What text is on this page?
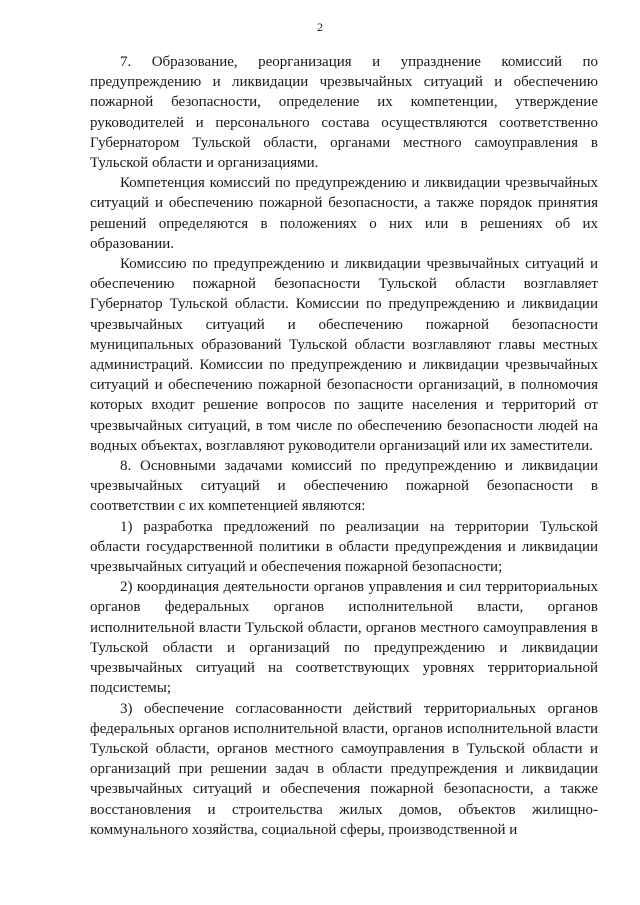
2

7. Образование, реорганизация и упразднение комиссий по предупреждению и ликвидации чрезвычайных ситуаций и обеспечению пожарной безопасности, определение их компетенции, утверждение руководителей и персонального состава осуществляются соответственно Губернатором Тульской области, органами местного самоуправления в Тульской области и организациями.

Компетенция комиссий по предупреждению и ликвидации чрезвычайных ситуаций и обеспечению пожарной безопасности, а также порядок принятия решений определяются в положениях о них или в решениях об их образовании.

Комиссию по предупреждению и ликвидации чрезвычайных ситуаций и обеспечению пожарной безопасности Тульской области возглавляет Губернатор Тульской области. Комиссии по предупреждению и ликвидации чрезвычайных ситуаций и обеспечению пожарной безопасности муниципальных образований Тульской области возглавляют главы местных администраций. Комиссии по предупреждению и ликвидации чрезвычайных ситуаций и обеспечению пожарной безопасности организаций, в полномочия которых входит решение вопросов по защите населения и территорий от чрезвычайных ситуаций, в том числе по обеспечению безопасности людей на водных объектах, возглавляют руководители организаций или их заместители.

8. Основными задачами комиссий по предупреждению и ликвидации чрезвычайных ситуаций и обеспечению пожарной безопасности в соответствии с их компетенцией являются:

1) разработка предложений по реализации на территории Тульской области государственной политики в области предупреждения и ликвидации чрезвычайных ситуаций и обеспечения пожарной безопасности;

2) координация деятельности органов управления и сил территориальных органов федеральных органов исполнительной власти, органов исполнительной власти Тульской области, органов местного самоуправления в Тульской области и организаций по предупреждению и ликвидации чрезвычайных ситуаций на соответствующих уровнях территориальной подсистемы;

3) обеспечение согласованности действий территориальных органов федеральных органов исполнительной власти, органов исполнительной власти Тульской области, органов местного самоуправления в Тульской области и организаций при решении задач в области предупреждения и ликвидации чрезвычайных ситуаций и обеспечения пожарной безопасности, а также восстановления и строительства жилых домов, объектов жилищно-коммунального хозяйства, социальной сферы, производственной и
